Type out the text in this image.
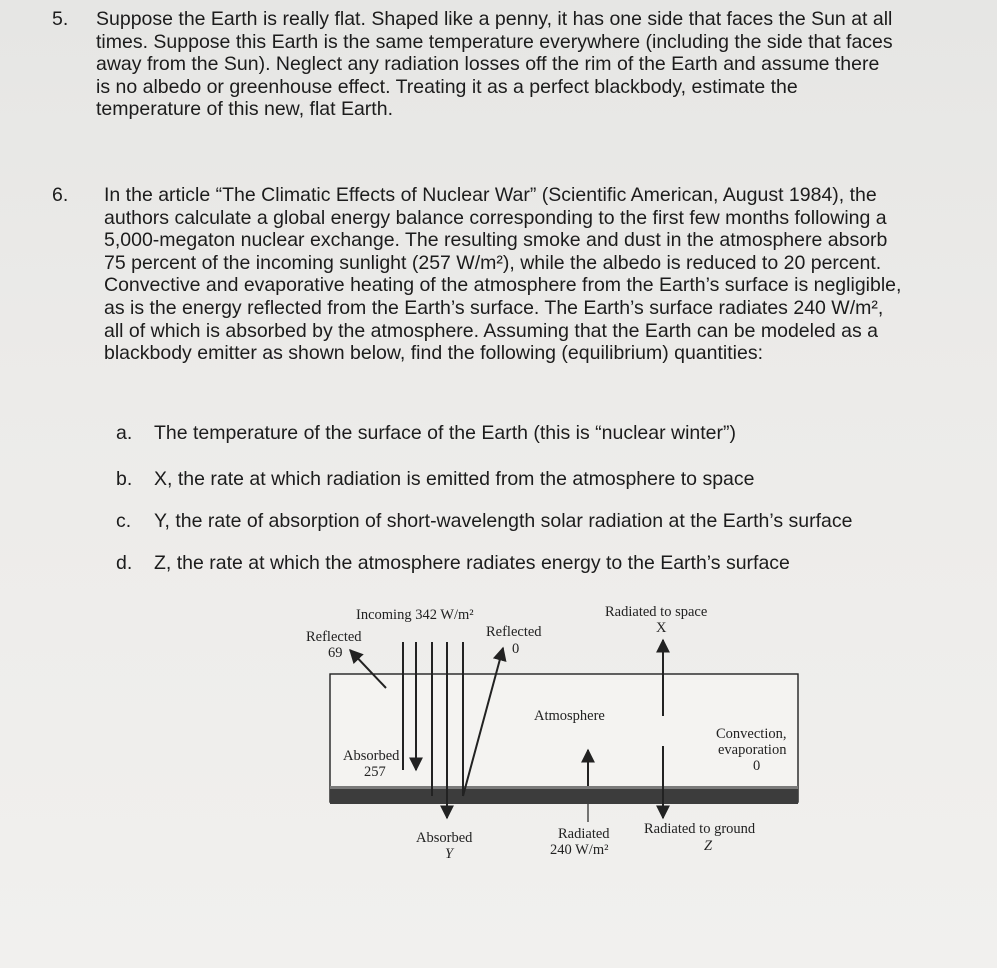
5. Suppose the Earth is really flat. Shaped like a penny, it has one side that faces the Sun at all
times. Suppose this Earth is the same temperature everywhere (including the side that faces
away from the Sun). Neglect any radiation losses off the rim of the Earth and assume there
is no albedo or greenhouse effect. Treating it as a perfect blackbody, estimate the
temperature of this new, flat Earth.
6. In the article “The Climatic Effects of Nuclear War” (Scientific American, August 1984), the
authors calculate a global energy balance corresponding to the first few months following a
5,000-megaton nuclear exchange. The resulting smoke and dust in the atmosphere absorb
75 percent of the incoming sunlight (257 W/m²), while the albedo is reduced to 20 percent.
Convective and evaporative heating of the atmosphere from the Earth’s surface is negligible,
as is the energy reflected from the Earth’s surface. The Earth’s surface radiates 240 W/m²,
all of which is absorbed by the atmosphere. Assuming that the Earth can be modeled as a
blackbody emitter as shown below, find the following (equilibrium) quantities:
a. The temperature of the surface of the Earth (this is “nuclear winter”)
b. X, the rate at which radiation is emitted from the atmosphere to space
c. Y, the rate of absorption of short-wavelength solar radiation at the Earth’s surface
d. Z, the rate at which the atmosphere radiates energy to the Earth’s surface
Incoming 342 W/m²
Reflected
69
Reflected
0
Radiated to space
X
Atmosphere
Absorbed
257
Convection,
evaporation
0
Absorbed
Y
Radiated
240 W/m²
Radiated to ground
Z
